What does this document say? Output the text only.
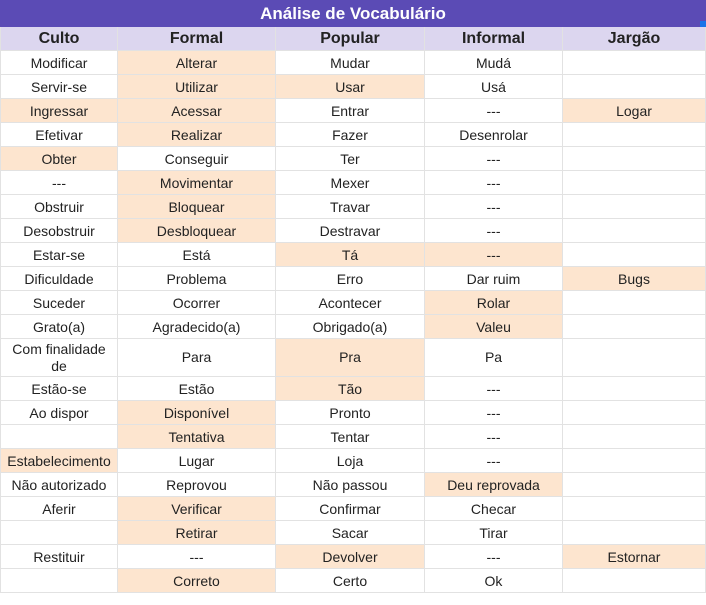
Análise de Vocabulário				
Culto	Formal	Popular	Informal	Jargão
Modificar	Alterar	Mudar	Mudá	
Servir-se	Utilizar	Usar	Usá	
Ingressar	Acessar	Entrar	---	Logar
Efetivar	Realizar	Fazer	Desenrolar	
Obter	Conseguir	Ter	---	
---	Movimentar	Mexer	---	
Obstruir	Bloquear	Travar	---	
Desobstruir	Desbloquear	Destravar	---	
Estar-se	Está	Tá	---	
Dificuldade	Problema	Erro	Dar ruim	Bugs
Suceder	Ocorrer	Acontecer	Rolar	
Grato(a)	Agradecido(a)	Obrigado(a)	Valeu	
Com finalidade de	Para	Pra	Pa	
Estão-se	Estão	Tão	---	
Ao dispor	Disponível	Pronto	---	
	Tentativa	Tentar	---	
Estabelecimento	Lugar	Loja	---	
Não autorizado	Reprovou	Não passou	Deu reprovada	
Aferir	Verificar	Confirmar	Checar	
	Retirar	Sacar	Tirar	
Restituir	---	Devolver	---	Estornar
	Correto	Certo	Ok	
